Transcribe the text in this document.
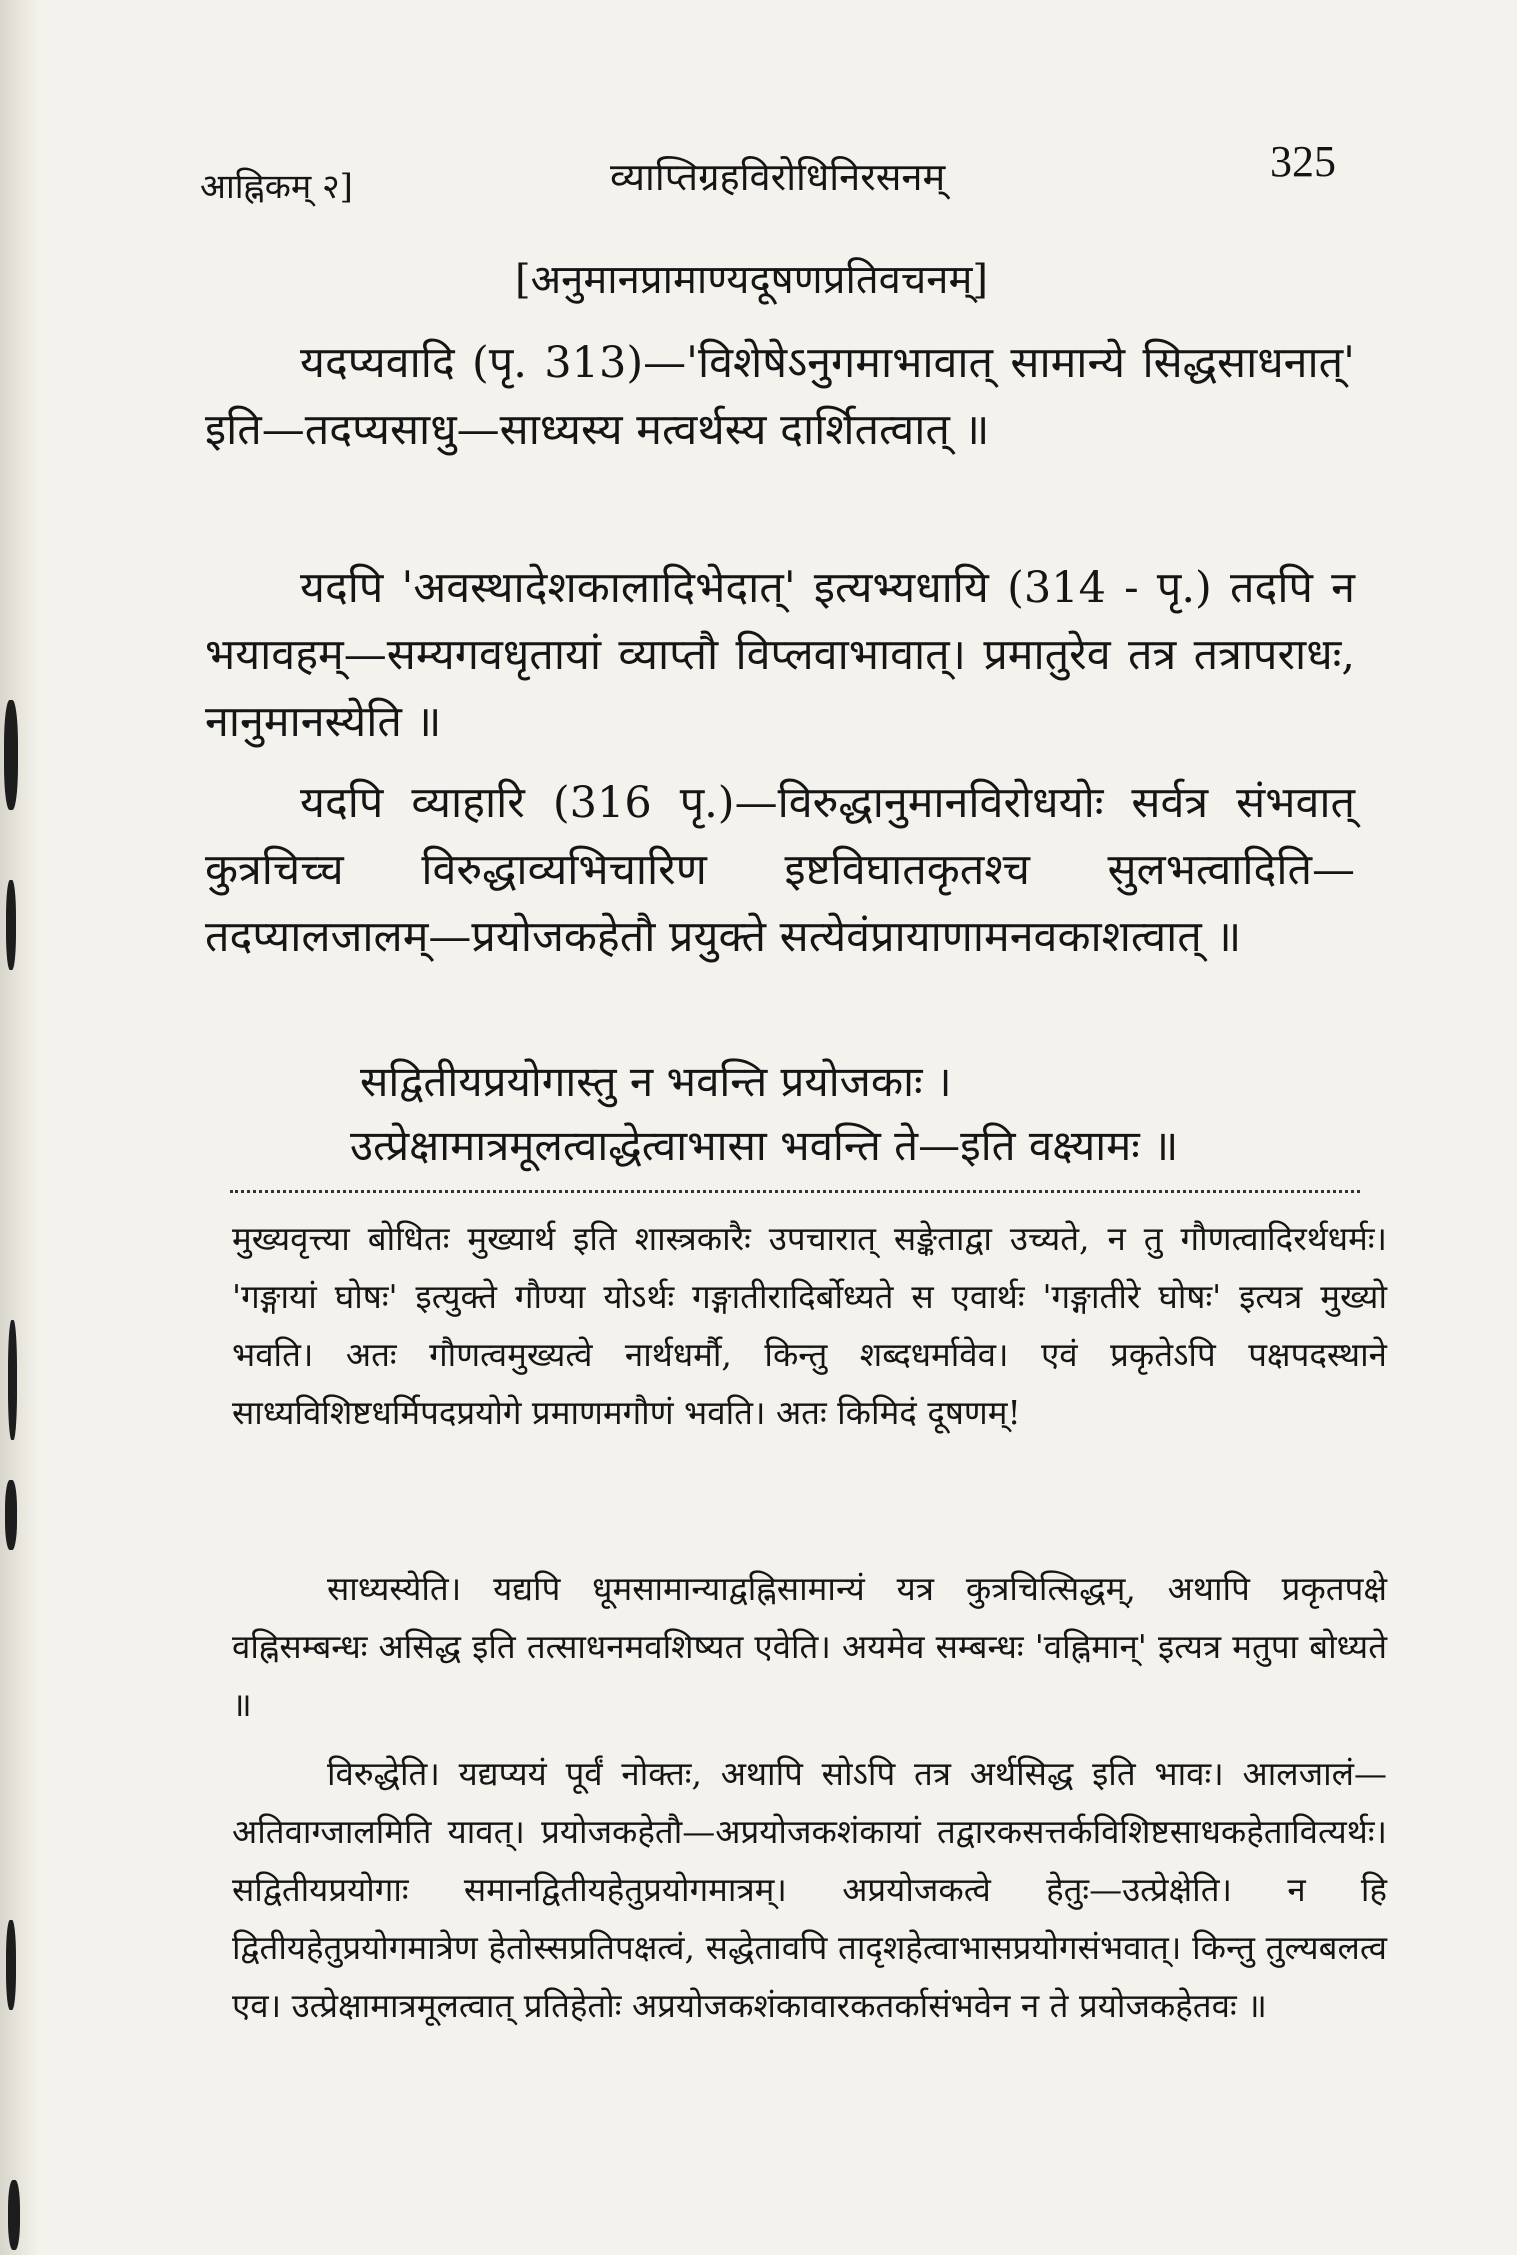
आह्निकम् २]	व्याप्तिग्रहविरोधिनिरसनम्	325
[अनुमानप्रामाण्यदूषणप्रतिवचनम्]

यदप्यवादि (पृ. 313)—'विशेषेऽनुगमाभावात् सामान्ये सिद्धसाधनात्' इति—तदप्यसाधु—साध्यस्य मत्वर्थस्य दार्शितत्वात् ॥

यदपि 'अवस्थादेशकालादिभेदात्' इत्यभ्यधायि (314 - पृ.) तदपि न भयावहम्—सम्यगवधृतायां व्याप्तौ विप्लवाभावात्। प्रमातुरेव तत्र तत्रापराधः, नानुमानस्येति ॥

यदपि व्याहारि (316 पृ.)—विरुद्धानुमानविरोधयोः सर्वत्र संभवात् कुत्रचिच्च विरुद्धाव्यभिचारिण इष्टविघातकृतश्च सुलभत्वादिति—तदप्यालजालम्—प्रयोजकहेतौ प्रयुक्ते सत्येवंप्रायाणामनवकाशत्वात् ॥

सद्वितीयप्रयोगास्तु न भवन्ति प्रयोजकाः ।
उत्प्रेक्षामात्रमूलत्वाद्धेत्वाभासा भवन्ति ते—इति वक्ष्यामः ॥

मुख्यवृत्त्या बोधितः मुख्यार्थ इति शास्त्रकारैः उपचारात् सङ्केताद्वा उच्यते, न तु गौणत्वादिरर्थधर्मः। 'गङ्गायां घोषः' इत्युक्ते गौण्या योऽर्थः गङ्गातीरादिर्बोध्यते स एवार्थः 'गङ्गातीरे घोषः' इत्यत्र मुख्यो भवति। अतः गौणत्वमुख्यत्वे नार्थधर्मौ, किन्तु शब्दधर्मावेव। एवं प्रकृतेऽपि पक्षपदस्थाने साध्यविशिष्टधर्मिपदप्रयोगे प्रमाणमगौणं भवति। अतः किमिदं दूषणम्!

साध्यस्येति। यद्यपि धूमसामान्याद्वह्निसामान्यं यत्र कुत्रचित्सिद्धम्, अथापि प्रकृतपक्षे वह्निसम्बन्धः असिद्ध इति तत्साधनमवशिष्यत एवेति। अयमेव सम्बन्धः 'वह्निमान्' इत्यत्र मतुपा बोध्यते ॥

विरुद्धेति। यद्यप्ययं पूर्वं नोक्तः, अथापि सोऽपि तत्र अर्थसिद्ध इति भावः। आलजालं—अतिवाग्जालमिति यावत्। प्रयोजकहेतौ—अप्रयोजकशंकायां तद्वारकसत्तर्कविशिष्टसाधकहेतावित्यर्थः। सद्वितीयप्रयोगाः समानद्वितीयहेतुप्रयोगमात्रम्। अप्रयोजकत्वे हेतुः—उत्प्रेक्षेति। न हि द्वितीयहेतुप्रयोगमात्रेण हेतोस्सप्रतिपक्षत्वं, सद्धेतावपि तादृशहेत्वाभासप्रयोगसंभवात्। किन्तु तुल्यबलत्व एव। उत्प्रेक्षामात्रमूलत्वात् प्रतिहेतोः अप्रयोजकशंकावारकतर्कासंभवेन न ते प्रयोजकहेतवः ॥
